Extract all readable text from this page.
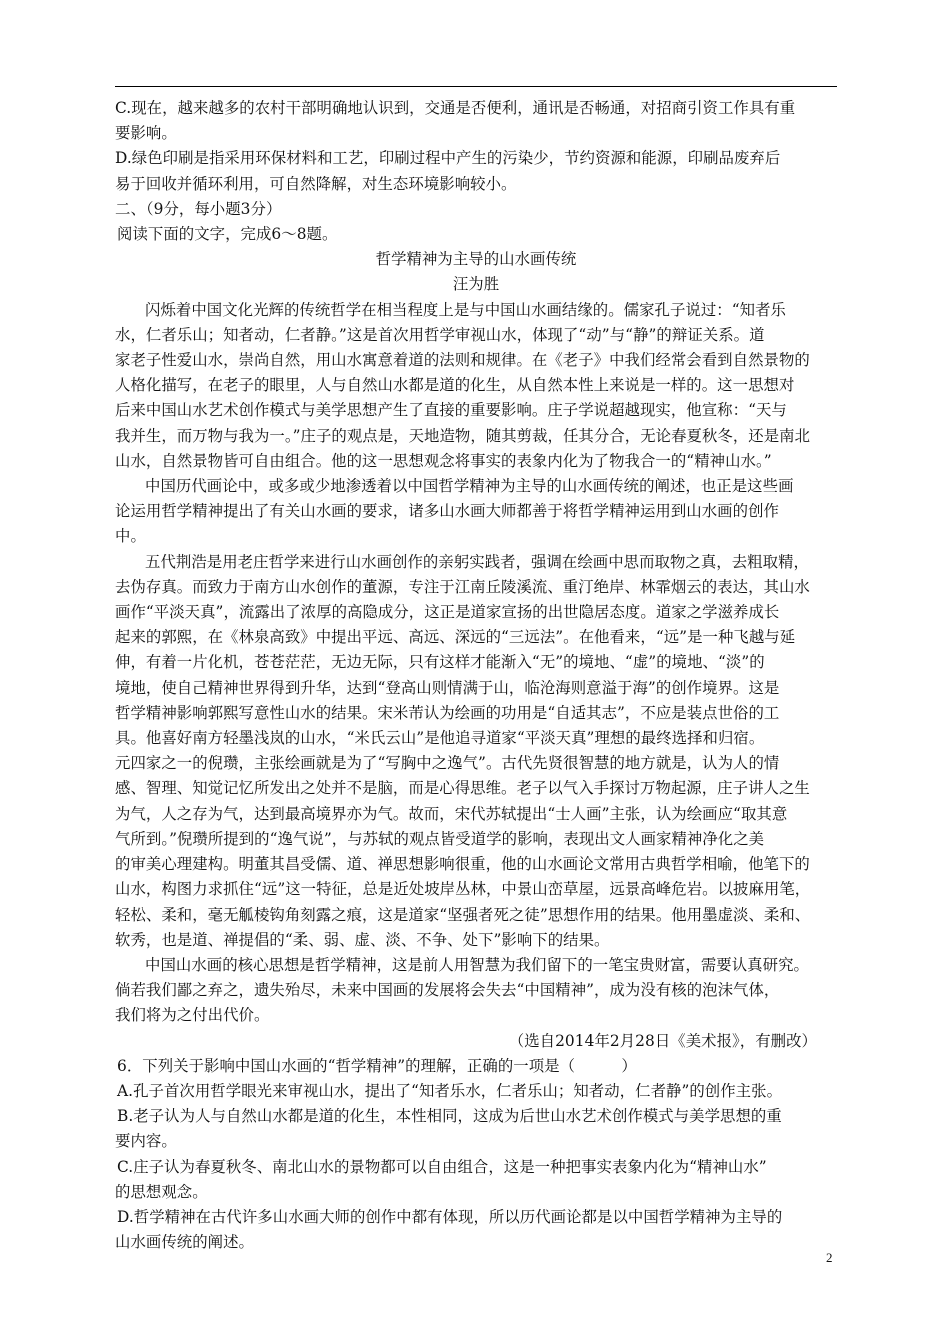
C.现在，越来越多的农村干部明确地认识到，交通是否便利，通讯是否畅通，对招商引资工作具有重
要影响。
D.绿色印刷是指采用环保材料和工艺，印刷过程中产生的污染少，节约资源和能源，印刷品废弃后
易于回收并循环利用，可自然降解，对生态环境影响较小。
二、（9分，每小题3分）
阅读下面的文字，完成6～8题。
哲学精神为主导的山水画传统
汪为胜
闪烁着中国文化光辉的传统哲学在相当程度上是与中国山水画结缘的。儒家孔子说过：“知者乐
水，仁者乐山；知者动，仁者静。”这是首次用哲学审视山水，体现了“动”与“静”的辩证关系。道
家老子性爱山水，崇尚自然，用山水寓意着道的法则和规律。在《老子》中我们经常会看到自然景物的
人格化描写，在老子的眼里，人与自然山水都是道的化生，从自然本性上来说是一样的。这一思想对
后来中国山水艺术创作模式与美学思想产生了直接的重要影响。庄子学说超越现实，他宣称：“天与
我并生，而万物与我为一。”庄子的观点是，天地造物，随其剪裁，任其分合，无论春夏秋冬，还是南北
山水，自然景物皆可自由组合。他的这一思想观念将事实的表象内化为了物我合一的“精神山水。”
中国历代画论中，或多或少地渗透着以中国哲学精神为主导的山水画传统的阐述，也正是这些画
论运用哲学精神提出了有关山水画的要求，诸多山水画大师都善于将哲学精神运用到山水画的创作
中。
五代荆浩是用老庄哲学来进行山水画创作的亲躬实践者，强调在绘画中思而取物之真，去粗取精，
去伪存真。而致力于南方山水创作的董源，专注于江南丘陵溪流、重汀绝岸、林霏烟云的表达，其山水
画作“平淡天真”，流露出了浓厚的高隐成分，这正是道家宣扬的出世隐居态度。道家之学滋养成长
起来的郭熙，在《林泉高致》中提出平远、高远、深远的“三远法”。在他看来，“远”是一种飞越与延
伸，有着一片化机，苍苍茫茫，无边无际，只有这样才能渐入“无”的境地、“虚”的境地、“淡”的
境地，使自己精神世界得到升华，达到“登高山则情满于山，临沧海则意溢于海”的创作境界。这是
哲学精神影响郭熙写意性山水的结果。宋米芾认为绘画的功用是“自适其志”，不应是装点世俗的工
具。他喜好南方轻墨浅岚的山水，“米氏云山”是他追寻道家“平淡天真”理想的最终选择和归宿。
元四家之一的倪瓒，主张绘画就是为了“写胸中之逸气”。古代先贤很智慧的地方就是，认为人的情
感、智理、知觉记忆所发出之处并不是脑，而是心得思维。老子以气入手探讨万物起源，庄子讲人之生
为气，人之存为气，达到最高境界亦为气。故而，宋代苏轼提出“士人画”主张，认为绘画应“取其意
气所到。”倪瓒所提到的“逸气说”，与苏轼的观点皆受道学的影响，表现出文人画家精神净化之美
的审美心理建构。明董其昌受儒、道、禅思想影响很重，他的山水画论文常用古典哲学相喻，他笔下的
山水，构图力求抓住“远”这一特征，总是近处坡岸丛林，中景山峦草屋，远景高峰危岩。以披麻用笔，
轻松、柔和，毫无觚棱钩角刻露之痕，这是道家“坚强者死之徒”思想作用的结果。他用墨虚淡、柔和、
软秀，也是道、禅提倡的“柔、弱、虚、淡、不争、处下”影响下的结果。
中国山水画的核心思想是哲学精神，这是前人用智慧为我们留下的一笔宝贵财富，需要认真研究。
倘若我们鄙之弃之，遗失殆尽，未来中国画的发展将会失去“中国精神”，成为没有核的泡沫气体，
我们将为之付出代价。
（选自2014年2月28日《美术报》，有删改）
6．下列关于影响中国山水画的“哲学精神”的理解，正确的一项是（　　　）
A.孔子首次用哲学眼光来审视山水，提出了“知者乐水，仁者乐山；知者动，仁者静”的创作主张。
B.老子认为人与自然山水都是道的化生，本性相同，这成为后世山水艺术创作模式与美学思想的重
要内容。
C.庄子认为春夏秋冬、南北山水的景物都可以自由组合，这是一种把事实表象内化为“精神山水”
的思想观念。
D.哲学精神在古代许多山水画大师的创作中都有体现，所以历代画论都是以中国哲学精神为主导的
山水画传统的阐述。
2
